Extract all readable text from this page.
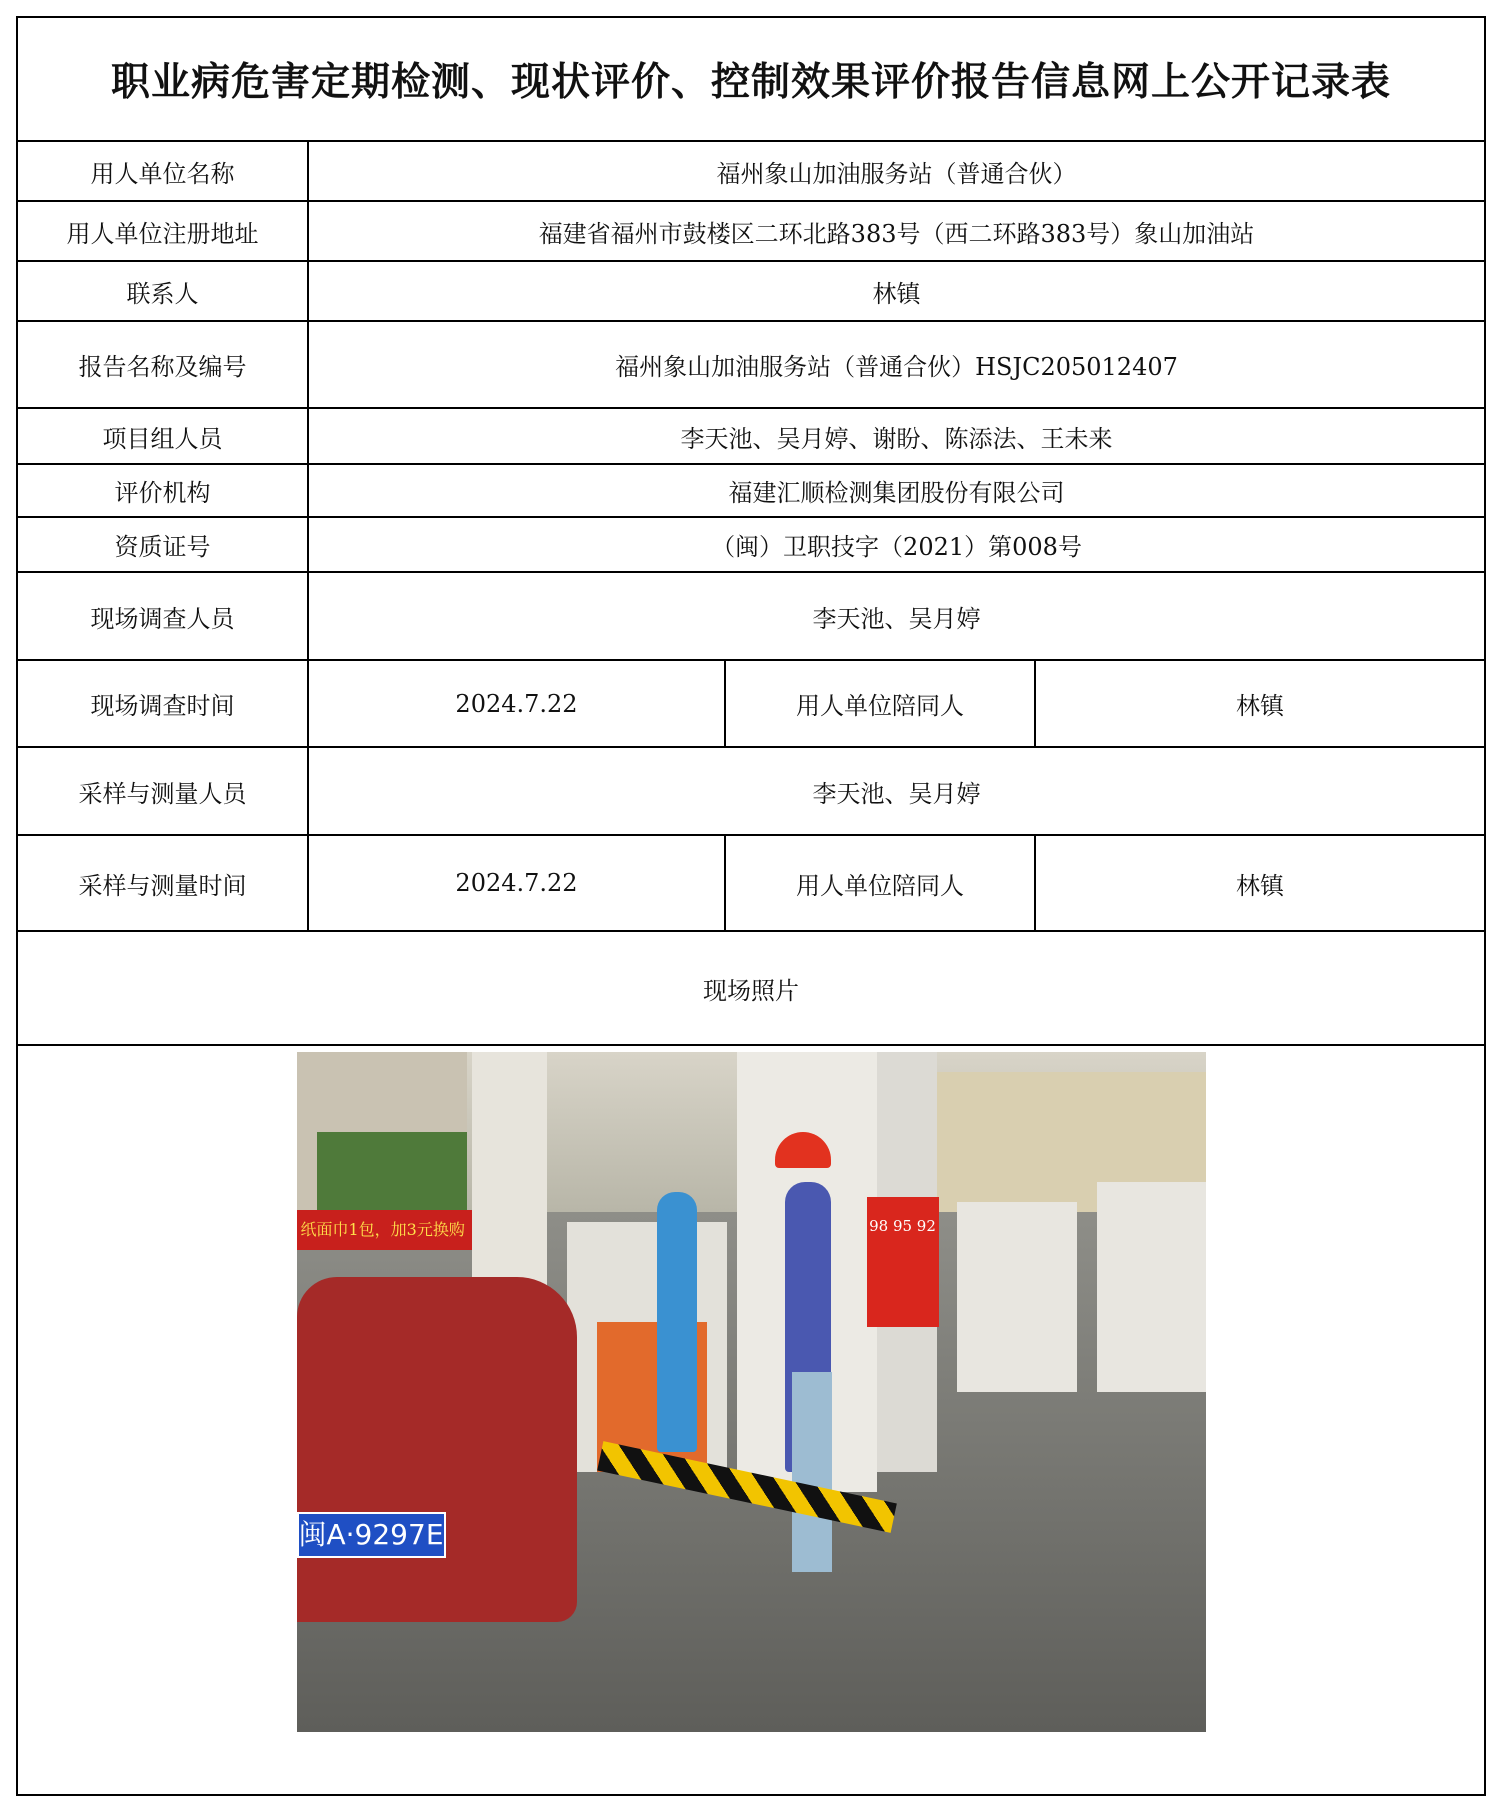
职业病危害定期检测、现状评价、控制效果评价报告信息网上公开记录表			
用人单位名称	福州象山加油服务站（普通合伙）		
用人单位注册地址	福建省福州市鼓楼区二环北路383号（西二环路383号）象山加油站		
联系人	林镇		
报告名称及编号	福州象山加油服务站（普通合伙）HSJC205012407		
项目组人员	李天池、吴月婷、谢盼、陈添法、王未来		
评价机构	福建汇顺检测集团股份有限公司		
资质证号	（闽）卫职技字（2021）第008号		
现场调查人员	李天池、吴月婷		
现场调查时间	2024.7.22	用人单位陪同人	林镇
采样与测量人员	李天池、吴月婷		
采样与测量时间	2024.7.22	用人单位陪同人	林镇
现场照片			

纸面巾1包，加3元换购 98 95 92
闽A·9297E			
